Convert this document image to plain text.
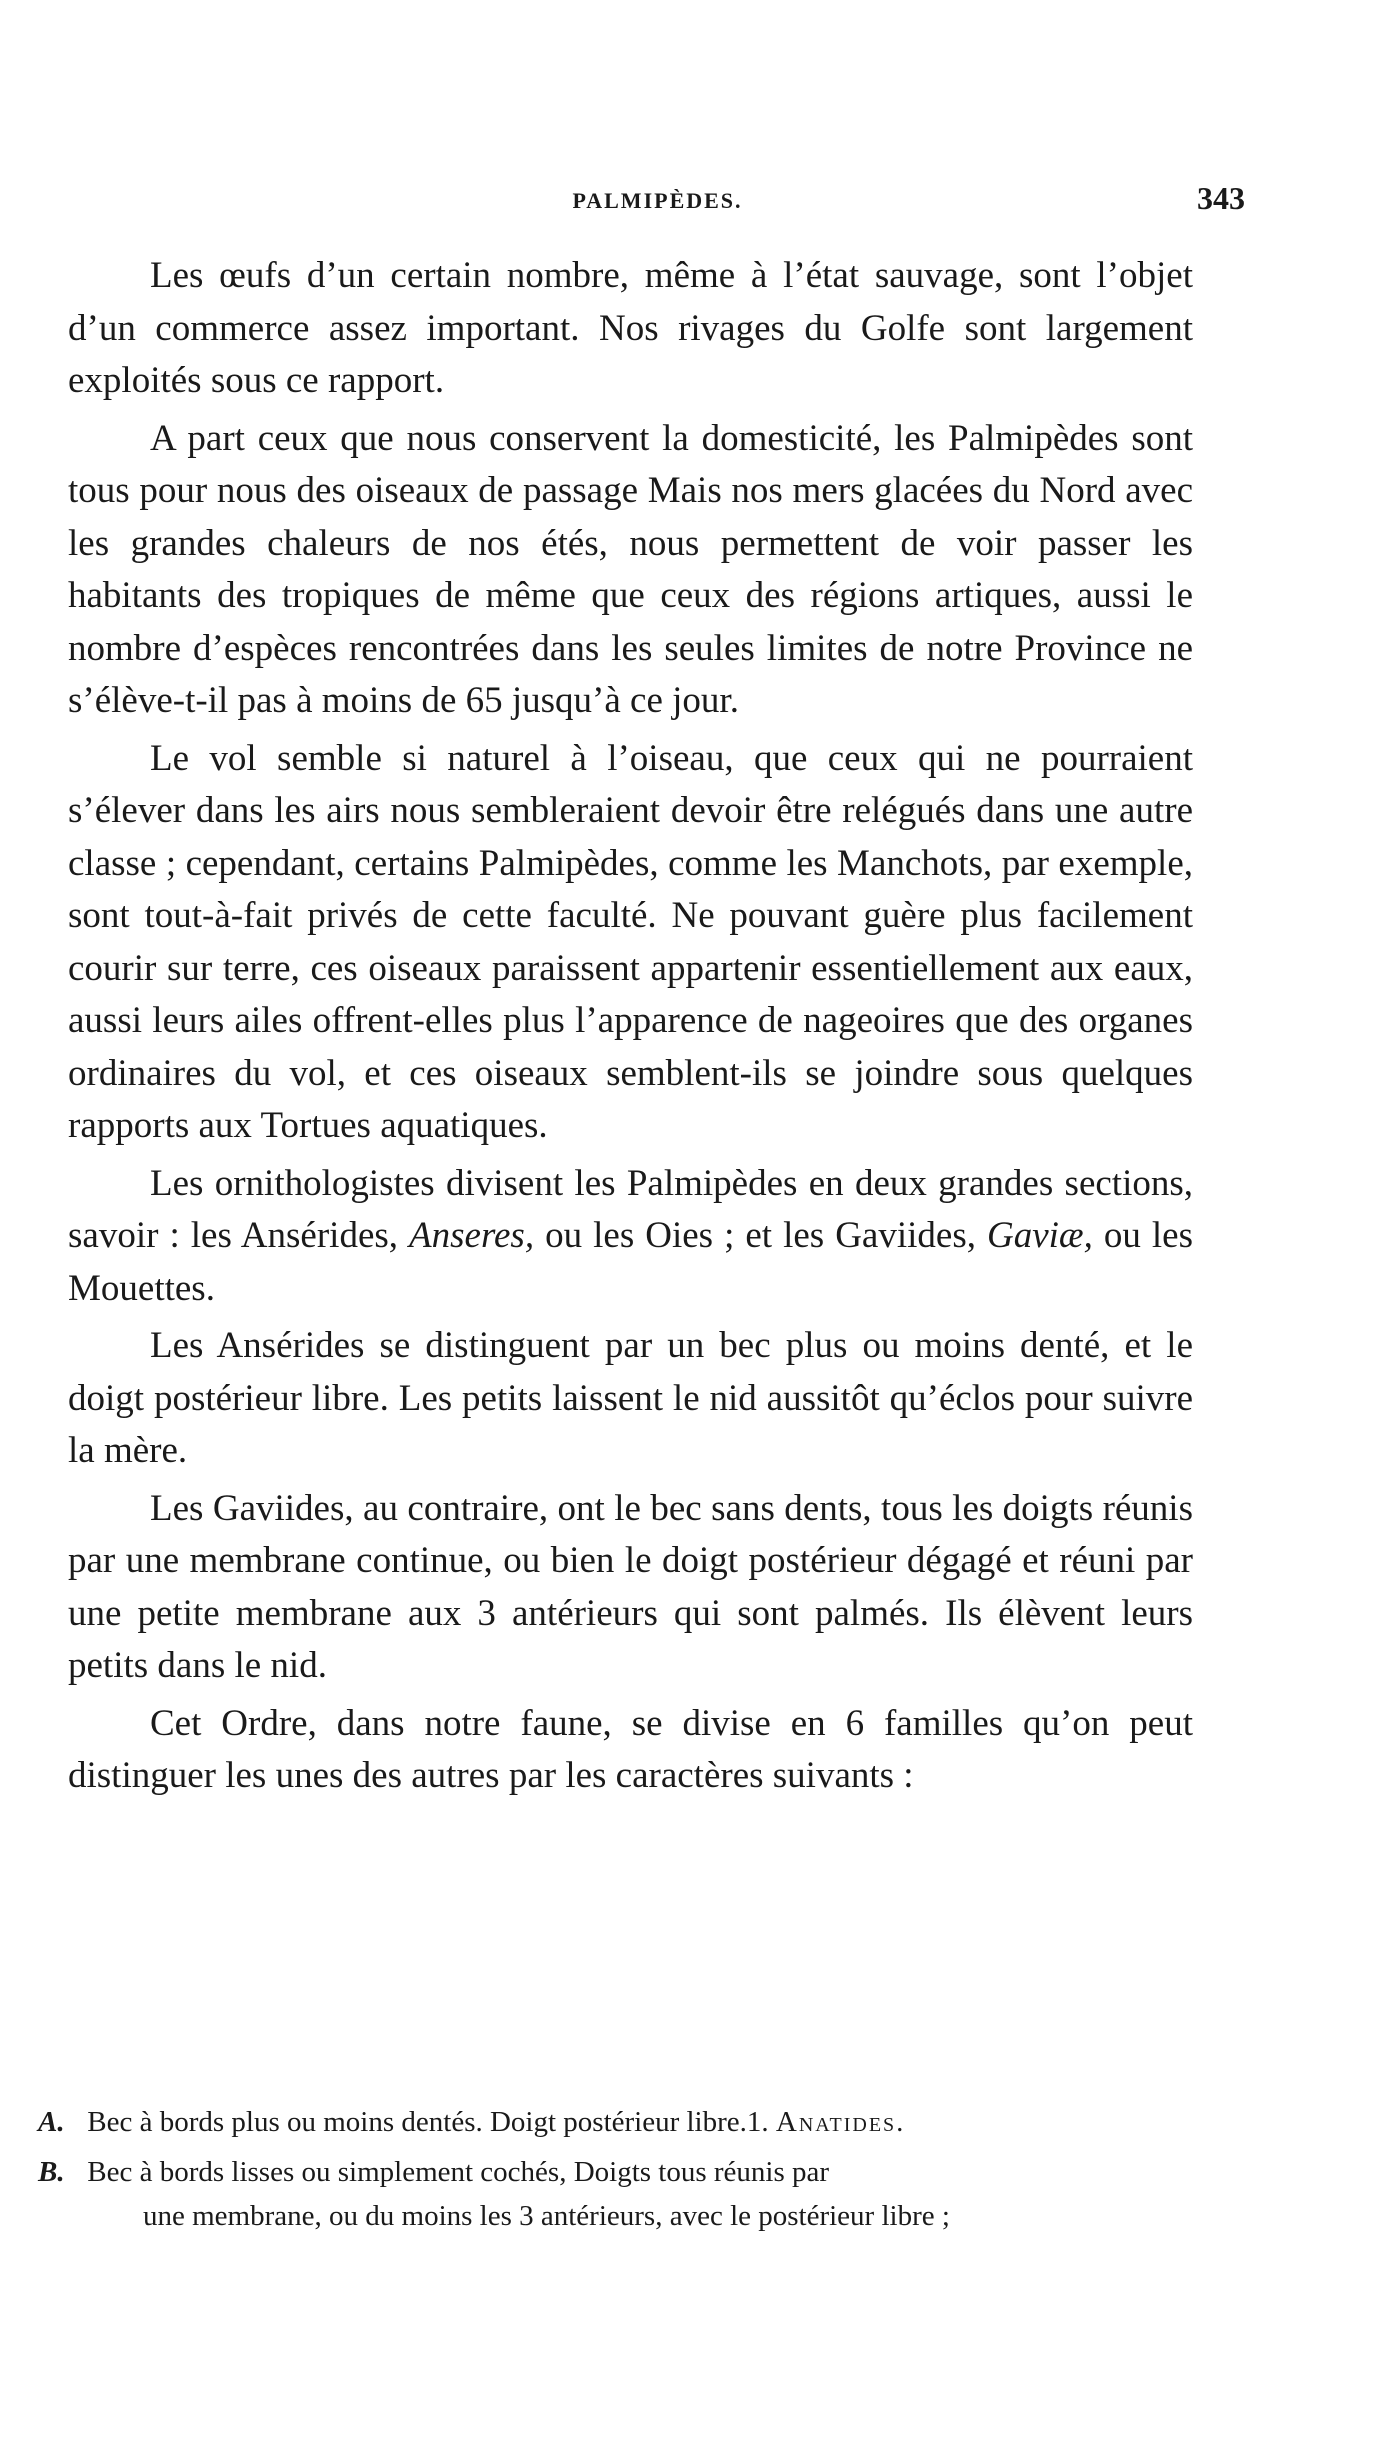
PALMIPÈDES.	343

Les œufs d’un certain nombre, même à l’état sauvage, sont l’objet d’un commerce assez important. Nos rivages du Golfe sont largement exploités sous ce rapport.

A part ceux que nous conservent la domesticité, les Palmipèdes sont tous pour nous des oiseaux de passage Mais nos mers glacées du Nord avec les grandes chaleurs de nos étés, nous permettent de voir passer les habitants des tropiques de même que ceux des régions artiques, aussi le nombre d’espèces rencontrées dans les seules limites de notre Province ne s’élève-t-il pas à moins de 65 jusqu’à ce jour.

Le vol semble si naturel à l’oiseau, que ceux qui ne pourraient s’élever dans les airs nous sembleraient devoir être relégués dans une autre classe ; cependant, certains Palmipèdes, comme les Manchots, par exemple, sont tout-à-fait privés de cette faculté. Ne pouvant guère plus facilement courir sur terre, ces oiseaux paraissent appartenir essentiellement aux eaux, aussi leurs ailes offrent-elles plus l’apparence de nageoires que des organes ordinaires du vol, et ces oiseaux semblent-ils se joindre sous quelques rapports aux Tortues aquatiques.

Les ornithologistes divisent les Palmipèdes en deux grandes sections, savoir : les Ansérides, Anseres, ou les Oies ; et les Gaviides, Gaviæ, ou les Mouettes.

Les Ansérides se distinguent par un bec plus ou moins denté, et le doigt postérieur libre. Les petits laissent le nid aussitôt qu’éclos pour suivre la mère.

Les Gaviides, au contraire, ont le bec sans dents, tous les doigts réunis par une membrane continue, ou bien le doigt postérieur dégagé et réuni par une petite membrane aux 3 antérieurs qui sont palmés. Ils élèvent leurs petits dans le nid.

Cet Ordre, dans notre faune, se divise en 6 familles qu’on peut distinguer les unes des autres par les caractères suivants :

A. Bec à bords plus ou moins dentés. Doigt postérieur libre.1. Anatides.
B. Bec à bords lisses ou simplement cochés, Doigts tous réunis par
une membrane, ou du moins les 3 antérieurs, avec le postérieur libre ;
